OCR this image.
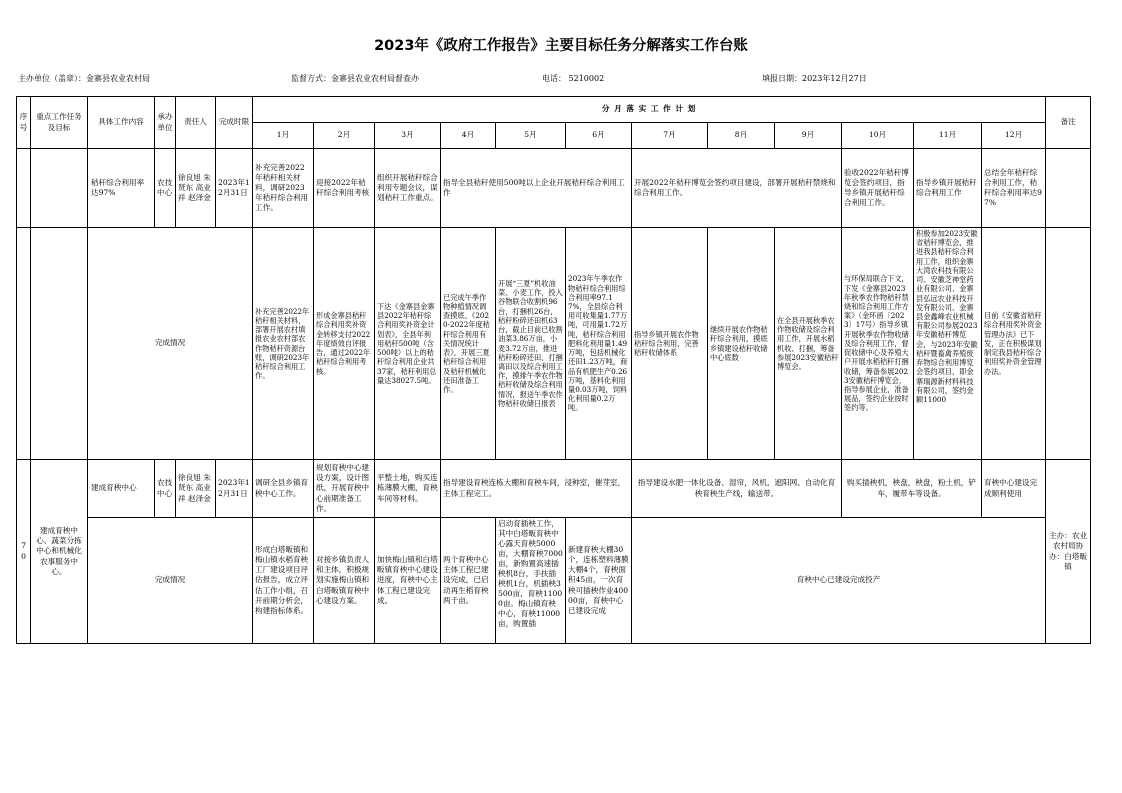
2023年《政府工作报告》主要目标任务分解落实工作台账
主办单位（盖章）：金寨县农业农村局	监督方式：金寨县农业农村局督查办	电话： 5210002	填报日期：2023年12月27日
序号	重点工作任务及目标	具体工作内容	承办单位	责任人	完成时限	分 月 落 实 工 作 计 划												备注
						1月	2月	3月	4月	5月	6月	7月	8月	9月	10月	11月	12月	
		秸秆综合利用率达97%	农技中心	徐良旭 朱贤东 高业祥 赵泽金	2023年12月31日	补充完善2022年秸秆相关材料，调研2023年秸秆综合利用工作。	迎接2022年秸秆综合利用考核	组织开展秸秆综合利用专题会议，谋划秸秆工作重点。	指导全县秸秆使用500吨以上企业开展秸秆综合利用工作			开展2022年秸秆博览会签约项目建设，部署开展秸秆禁烧和综合利用工作。			验收2022年秸秆博览会签约项目，指导乡镇开展秸秆综合利用工作。	指导乡镇开展秸秆综合利用工作	总结全年秸秆综合利用工作，秸秆综合利用率达97%	
		完成情况				补充完善2022年秸秆相关材料，部署开展农村填报农业农村部农作物秸秆资源台账，调研2023年秸秆综合利用工作。	形成金寨县秸秆综合利用奖补资金转移支付2022年度绩效自评报告，通过2022年秸秆综合利用考核。	下达《金寨县金寨县2022年秸秆综合利用奖补资金计划表》，全县年利用秸秆500吨（含500吨）以上的秸秆综合利用企业共37家，秸秆利用总量达38027.5吨。	已完成午季作物种植情况调查摸底、《2020-2022年度秸秆综合利用有关情况统计表》，开展三夏秸秆综合利用及秸秆机械化还田准备工作。	开展“三夏”机收油菜、小麦工作，投入谷物联合收割机96台，打捆机26台，秸秆粉碎还田机63台，截止目前已收割油菜3.86万亩，小麦3.72万亩，推进秸秆粉碎还田、打捆离田以及综合利用工作，摸排午季农作物秸秆收储及综合利用情况，报送午季农作物秸秆收储日报表	2023年午季农作物秸秆综合利用综合利用率97.17%，全县综合利用可收集量1.77万吨，可用量1.72万吨，秸秆综合利用肥料化利用量1.49万吨，包括机械化还田1.23万吨，商品有机肥生产0.26万吨，基料化利用量0.03万吨，饲料化利用量0.2万吨。	指导乡镇开展农作物秸秆综合利用，完善秸秆收储体系	继续开展农作物秸秆综合利用，摸底乡镇建设秸秆收储中心底数	在全县开展秋季农作物收储及综合利用工作，开展水稻机收、打捆，筹备参展2023安徽秸秆博览会。	与环保局联合下文，下发《金寨县2023年秋季农作物秸秆禁烧和综合利用工作方案》（金环函〔2023〕17号）指导乡镇开展秋季农作物收储及综合利用工作，督促收储中心及养殖大户开展水稻秸秆打捆收储，筹备参展2023安徽秸秆博览会，指导参展企业，准备展品，签约企业按时签约等。	积极参加2023安徽省秸秆博览会，推进我县秸秆综合利用工作，组织金寨大湾农科技有限公司、安徽芝神堂药业有限公司、金寨县弘远农业科技开发有限公司、金寨县金鑫峰农业机械有限公司参展2023年安徽秸秆博览会，与2023年安徽秸秆暨畜禽养殖废弃物综合利用博览会签约项目，即金寨瑞源新材料科技有限公司，签约金额11000	目前《安徽省秸秆综合利用奖补资金管理办法》已下发，正在积极谋划制定我县秸秆综合利用奖补资金管理办法。	
70	建成育秧中心、蔬菜分拣中心和机械化农事服务中心。	建成育秧中心	农技中心	徐良旭 朱贤东 高业祥 赵泽金	2023年12月31日	调研全县乡镇育秧中心工作。	规划育秧中心建设方案，设计图纸，开展育秧中心前期准备工作。	平整土地，购买连栋薄膜大棚，育秧车间等材料。	指导建设育秧连栋大棚和育秧车间，浸种室，催芽室，主体工程完工。			指导建设水肥一体化设备、湿帘，风机，遮阳网、自动化育秧育秧生产线，输送带。			购买插秧机，秧盘，秧盘，粉土机，铲车，履带车等设备。		育秧中心建设完成顺利使用	主办：农业农村局协办：白塔畈镇
		完成情况				形成白塔畈镇和梅山镇水稻育秧工厂建设项目评估报告，成立评估工作小组，召开前期分析会，构建指标体系。	对接乡镇负责人和主体，积极规划实施梅山镇和白塔畈镇育秧中心建设方案。	加快梅山镇和白塔畈镇育秧中心建设进度，育秧中心主体工程已建设完成。	两个育秧中心主体工程已建设完成，已启动再生稻育秧两千亩。	启动育插秧工作，其中白塔畈育秧中心露天育秧5000亩，大棚育秧7000亩，新购置高速插秧机8台，手扶插秧机1台，机插秧3500亩，育秧11000亩。梅山镇育秧中心，育秧11000亩，购置插	新建育秧大棚30个，连栋塑料薄膜大棚4个，育秧面积45亩，一次育秧可插秧作业40000亩，育秧中心已建设完成	育秧中心已建设完成投产						
